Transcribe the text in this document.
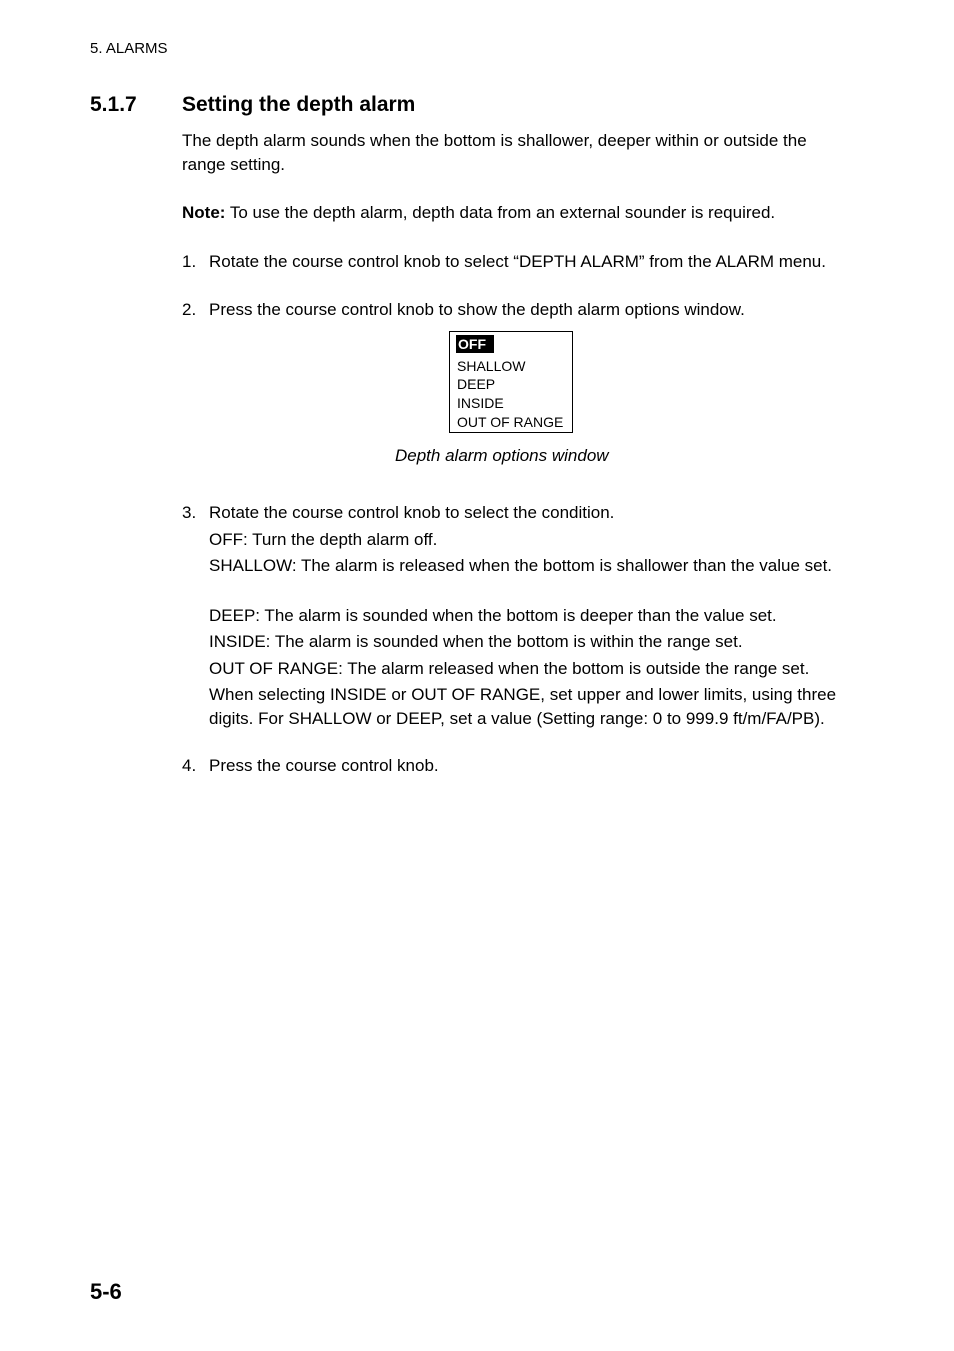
5. ALARMS
5.1.7 Setting the depth alarm
The depth alarm sounds when the bottom is shallower, deeper within or outside the range setting.
Note: To use the depth alarm, depth data from an external sounder is required.
1. Rotate the course control knob to select “DEPTH ALARM” from the ALARM menu.
2. Press the course control knob to show the depth alarm options window.
OFF
SHALLOW
DEEP
INSIDE
OUT OF RANGE
Depth alarm options window
3. Rotate the course control knob to select the condition.
OFF: Turn the depth alarm off.
SHALLOW: The alarm is released when the bottom is shallower than the value set.
DEEP: The alarm is sounded when the bottom is deeper than the value set.
INSIDE: The alarm is sounded when the bottom is within the range set.
OUT OF RANGE: The alarm released when the bottom is outside the range set.
When selecting INSIDE or OUT OF RANGE, set upper and lower limits, using three digits. For SHALLOW or DEEP, set a value (Setting range: 0 to 999.9 ft/m/FA/PB).
4. Press the course control knob.
5-6
